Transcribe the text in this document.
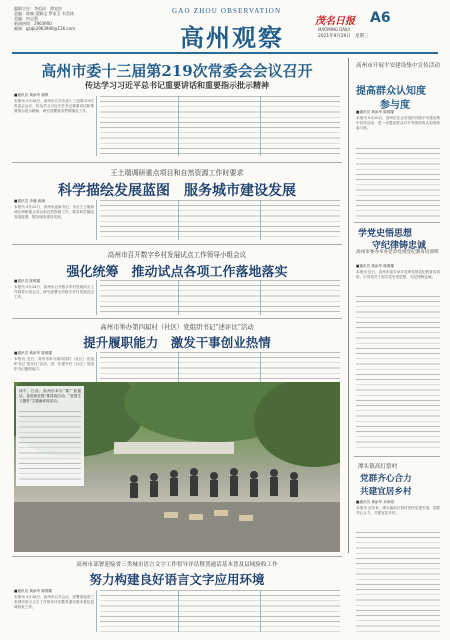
编辑主任：李祖成　谭宜怡
责编：陈婉 梁顺文 罗家玉 韦美林
美编：何志强
新闻热线：2963900
邮箱：gzqb2963900@126.com
GAO ZHOU OBSERVATION
高州观察
茂名日报 A6
MAOMING DAILY
2021年9月29日　星期三
高州市委十三届第219次常委会会议召开
传达学习习近平总书记重要讲话和重要指示批示精神
■通讯员 黄添华 谢棋
本报讯 9月26日，高州市召开市委十三届第219次常委会会议，传达学习习近平总书记重要讲话和重要指示批示精神，研究部署我市贯彻落实工作。
高州市开展平安建设集中宣传活动
提高群众认知度
参与度
■通讯员 黄添华 陈维耀
本报讯 9月26日，高州市在全市组织开展平安建设集中宣传活动，进一步提高群众对平安建设的认知度和参与度。
王土瑞调研重点项目和自然资源工作时要求
科学描绘发展蓝图　服务城市建设发展
■通讯员 李涵 黄涵
本报讯 9月23日，高州市委副书记、市长王土瑞到城区调研重点项目和自然资源工作，要求科学描绘发展蓝图，服务城市建设发展。
学党史悟思想
守纪律铸忠诚
高州市委办举办党章党规党纪教育培训班
■通讯员 黄添华 陈维耀
本报讯 近日，高州市委办举办党章党规党纪教育培训班，引导党员干部学党史悟思想，守纪律铸忠诚。
高州市召开数字乡村发展试点工作领导小组会议
强化统筹　推动试点各项工作落地落实
■通讯员 陈维耀
本报讯 9月24日，高州市召开数字乡村发展试点工作领导小组会议，研究部署全市数字乡村发展试点工作。
高州市举办第四届村（社区）党组织书记“述评比”活动
提升履职能力　激发干事创业热情
■通讯员 黄添华 陈维耀
本报讯 近日，高州市举办第四届村（社区）党组织书记“述评比”活动，进一步提升村（社区）党组织书记履职能力。
读中，日前，高州市举办“推广普通话，奋进新征程”推普周活动。“爱国主义题材”主题诵读周活动。
潭头镇高灯祭村
党群齐心合力
共建宜居乡村
■通讯员 黄添华 邓家明
本报讯 近年来，潭头镇高灯祭村坚持党建引领，党群齐心合力，共建宜居乡村。
高州市部署迎接省三类城市语言文字工作督导评估暨普通话基本普及县域验收工作
努力构建良好语言文字应用环境
■通讯员 黄添华 陈维耀
本报讯 9月26日，高州市召开会议，部署迎接省三类城市语言文字工作督导评估暨普通话基本普及县域验收工作。
